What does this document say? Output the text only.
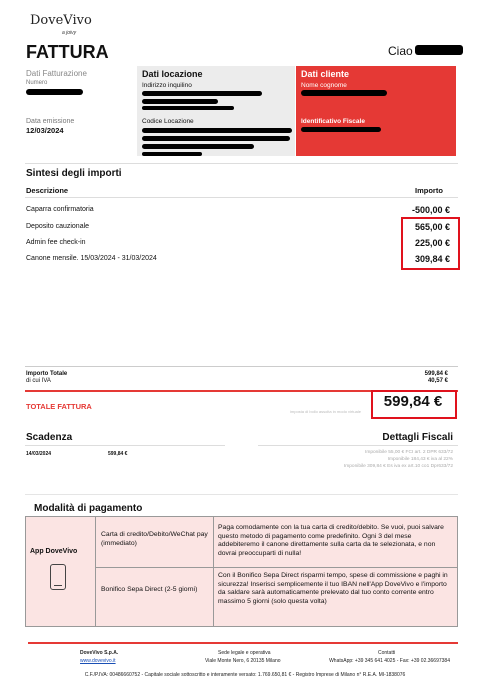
DoveVivo
a joivy
FATTURA	Ciao
Dati Fatturazione
Numero
Data emissione
12/03/2024
Dati locazione
Indirizzo inquilino
Codice Locazione
Dati cliente
Nome cognome
Identificativo Fiscale
Sintesi degli importi
Descrizione	Importo
Caparra confirmatoria	-500,00 €
Deposito cauzionale	565,00 €
Admin fee check-in	225,00 €
Canone mensile. 15/03/2024 - 31/03/2024	309,84 €
Importo Totale	599,84 €
di cui IVA	40,57 €
TOTALE FATTURA
imposta di bollo assolta in modo virtuale
599,84 €
Scadenza	Dettagli Fiscali
14/03/2024	599,84 €	Imponibile 55,00 € FCI art. 2 DPR 633/72
Imponibile 184,43 € iva al 22%
Imponibile 309,84 € Es iva ex art.10 co1 Dpr633/72
Modalità di pagamento
App DoveVivo
Carta di credito/Debito/WeChat pay (immediato)
Paga comodamente con la tua carta di credito/debito. Se vuoi, puoi salvare questo metodo di pagamento come predefinito. Ogni 3 del mese addebiteremo il canone direttamente sulla carta da te selezionata, e non dovrai preoccuparti di nulla!
Bonifico Sepa Direct (2-5 giorni)
Con il Bonifico Sepa Direct risparmi tempo, spese di commissione e paghi in sicurezza! Inserisci semplicemente il tuo IBAN nell'App DoveVivo e l'importo da saldare sarà automaticamente prelevato dal tuo conto corrente entro massimo 5 giorni (solo questa volta)
DoveVivo S.p.A.
www.dovevivo.it
Sede legale e operativa
Viale Monte Nero, 6 20135 Milano
Contatti
WhatsApp: +39 345 641 4025 - Fax: +39 02.36697384
C.F./P.IVA: 00486660752 - Capitale sociale sottoscritto e interamente versato: 1.769.650,81 € - Registro Imprese di Milano n° R.E.A. MI-1838076
